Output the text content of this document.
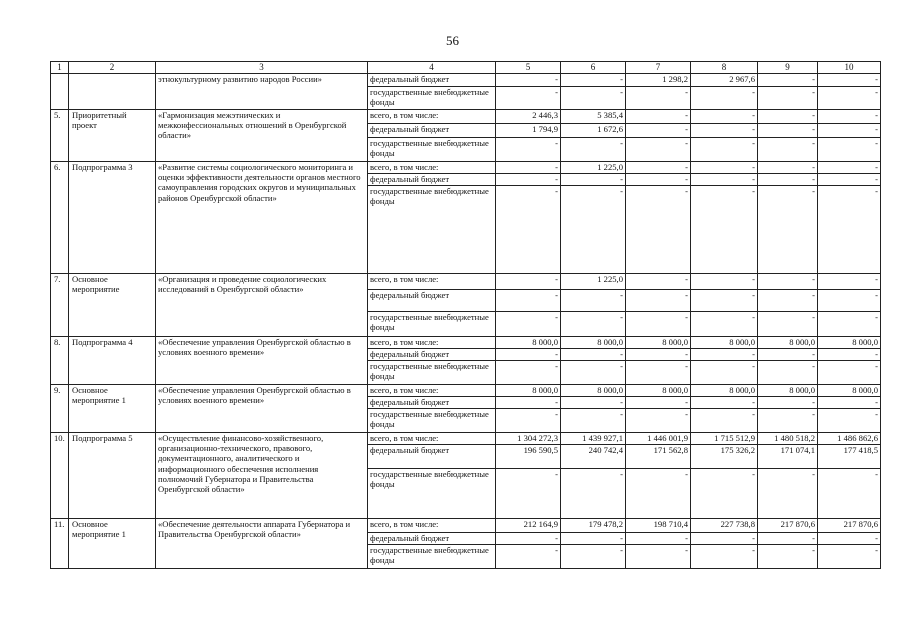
56
1	2	3	4	5	6	7	8	9	10
		этнокультурному развитию народов России»	федеральный бюджет	-	-	1 298,2	2 967,6	-	-
			государственные внебюджетные фонды	-	-	-	-	-	-
5.	Приоритетный проект	«Гармонизация межэтнических и межконфессиональных отношений в Оренбургской области»	всего, в том числе:	2 446,3	5 385,4	-	-	-	-
			федеральный бюджет	1 794,9	1 672,6	-	-	-	-
			государственные внебюджетные фонды	-	-	-	-	-	-
6.	Подпрограмма 3	«Развитие системы социологического мониторинга и оценки эффективности деятельности органов местного самоуправления городских округов и муниципальных районов Оренбургской области»	всего, в том числе:	-	1 225,0	-	-	-	-
			федеральный бюджет	-	-	-	-	-	-
			государственные внебюджетные фонды	-	-	-	-	-	-
7.	Основное мероприятие	«Организация и проведение социологических исследований в Оренбургской области»	всего, в том числе:	-	1 225,0	-	-	-	-
			федеральный бюджет	-	-	-	-	-	-
			государственные внебюджетные фонды	-	-	-	-	-	-
8.	Подпрограмма 4	«Обеспечение управления Оренбургской областью в условиях военного времени»	всего, в том числе:	8 000,0	8 000,0	8 000,0	8 000,0	8 000,0	8 000,0
			федеральный бюджет	-	-	-	-	-	-
			государственные внебюджетные фонды	-	-	-	-	-	-
9.	Основное мероприятие 1	«Обеспечение управления Оренбургской областью в условиях военного времени»	всего, в том числе:	8 000,0	8 000,0	8 000,0	8 000,0	8 000,0	8 000,0
			федеральный бюджет	-	-	-	-	-	-
			государственные внебюджетные фонды	-	-	-	-	-	-
10.	Подпрограмма 5	«Осуществление финансово-хозяйственного, организационно-технического, правового, документационного, аналитического и информационного обеспечения исполнения полномочий Губернатора и Правительства Оренбургской области»	всего, в том числе:	1 304 272,3	1 439 927,1	1 446 001,9	1 715 512,9	1 480 518,2	1 486 862,6
			федеральный бюджет	196 590,5	240 742,4	171 562,8	175 326,2	171 074,1	177 418,5
			государственные внебюджетные фонды	-	-	-	-	-	-
11.	Основное мероприятие 1	«Обеспечение деятельности аппарата Губернатора и Правительства Оренбургской области»	всего, в том числе:	212 164,9	179 478,2	198 710,4	227 738,8	217 870,6	217 870,6
			федеральный бюджет	-	-	-	-	-	-
			государственные внебюджетные фонды	-	-	-	-	-	-
